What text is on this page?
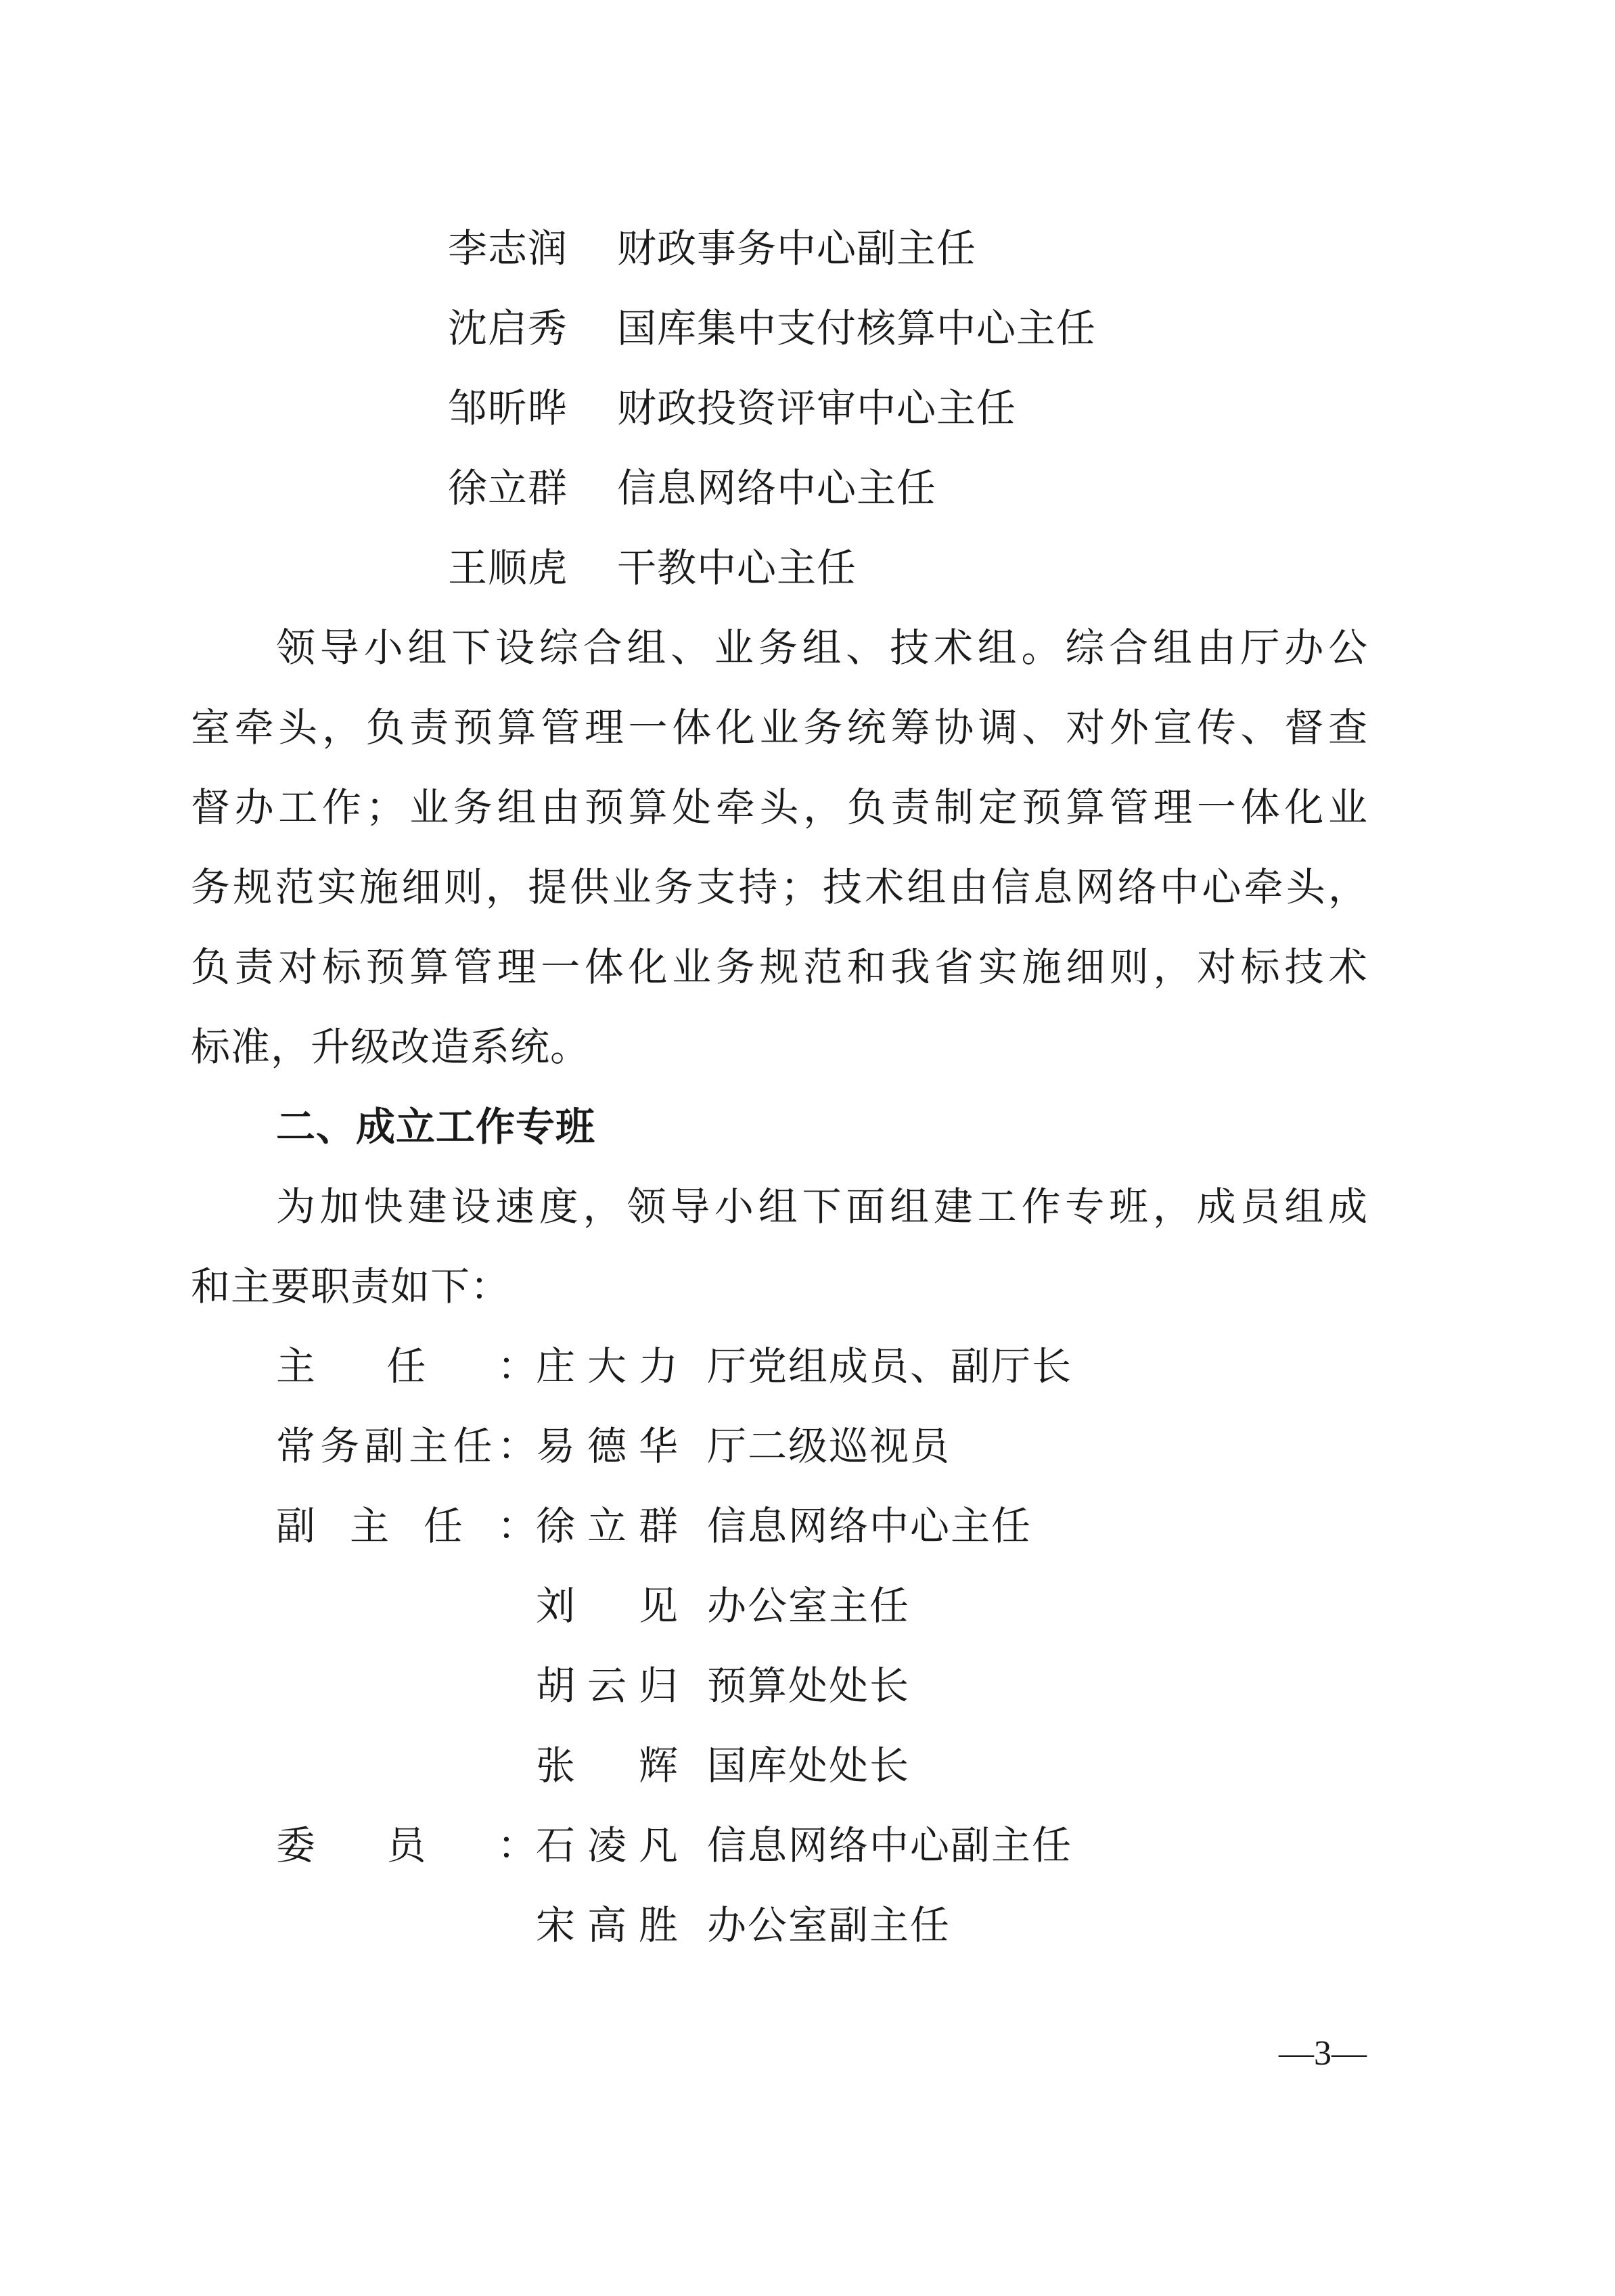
李志润 财政事务中心副主任
沈启秀 国库集中支付核算中心主任
邹昕晔 财政投资评审中心主任
徐立群 信息网络中心主任
王顺虎 干教中心主任
领导小组下设综合组、业务组、技术组。综合组由厅办公
室牵头，负责预算管理一体化业务统筹协调、对外宣传、督查
督办工作；业务组由预算处牵头，负责制定预算管理一体化业
务规范实施细则，提供业务支持；技术组由信息网络中心牵头，
负责对标预算管理一体化业务规范和我省实施细则，对标技术
标准，升级改造系统。
二、成立工作专班
为加快建设速度，领导小组下面组建工作专班，成员组成
和主要职责如下：
主任： 庄大力 厅党组成员、副厅长
常务副主任： 易德华 厅二级巡视员
副主任： 徐立群 信息网络中心主任
刘见 办公室主任
胡云归 预算处处长
张辉 国库处处长
委员： 石凌凡 信息网络中心副主任
宋高胜 办公室副主任
—3—
